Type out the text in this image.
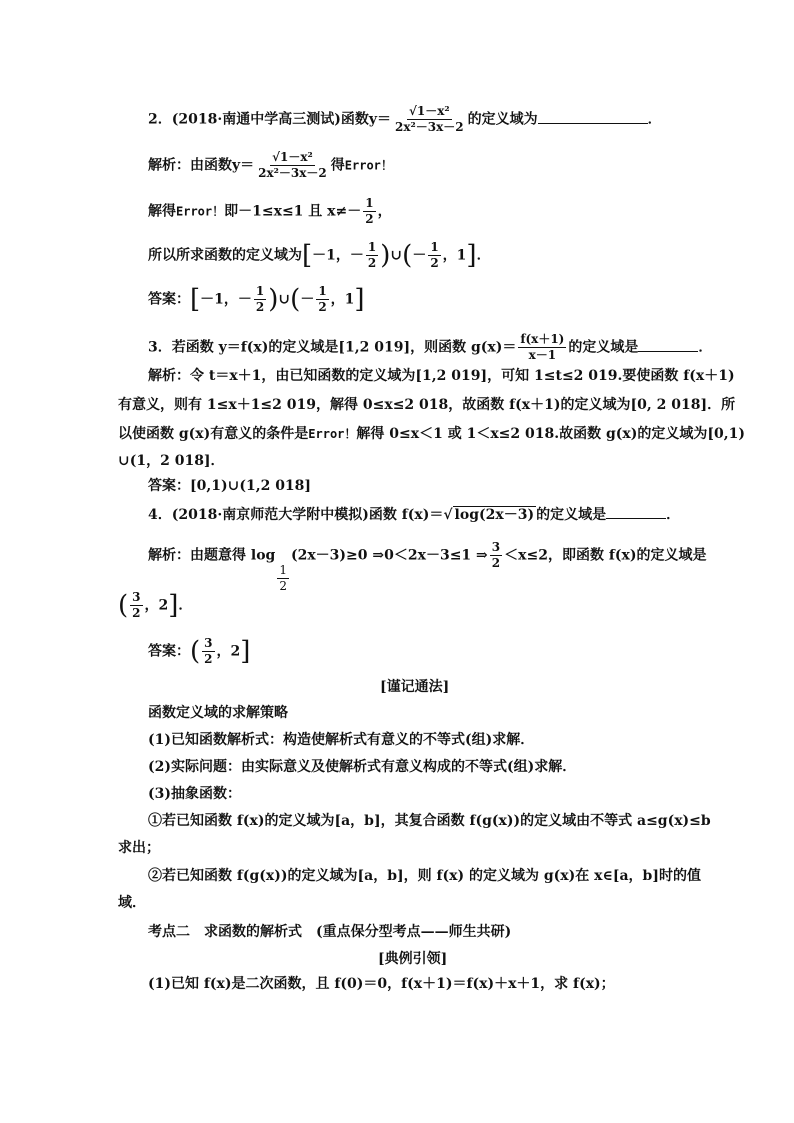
2．(2018·南通中学高三测试)函数$y= \frac{\text{√1－x²}}{\text{2x²－3x－2}}$ 的定义域为	．
解析：由函数$y= \frac{\text{√1－x²}}{\text{2x²－3x－2}}$ 得Error！
解得Error！即－1≤x≤1 且 $x\ne- \frac{1}{2}$ ，
所以所求函数的定义域为[－1，－ $\frac{1}{2}$ )∪(－ $\frac{1}{2}$ ，1]．
答案：[－1，－ $\frac{1}{2}$ )∪(－ $\frac{1}{2}$ ，1]
3．若函数 y＝f(x)的定义域是[1,2 019]，则函数 $g(x)= \frac{f(x+1)}{x-1}$ 的定义域是	．
解析：令 t＝x＋1，由已知函数的定义域为[1,2 019]，可知 1≤t≤2 019.要使函数 f(x＋1)
有意义，则有 1≤x＋1≤2 019，解得 0≤x≤2 018，故函数 f(x＋1)的定义域为[0, 2 018]．所
以使函数 g(x)有意义的条件是Error！解得 0≤x＜1 或 1＜x≤2 018.故函数 g(x)的定义域为[0,1)
∪(1，2 018]．
答案：[0,1)∪(1,2 018]
4．(2018·南京师范大学附中模拟)函数 f(x)＝√ log(2x－3) 的定义域是	．
解析：由题意得 log
$\frac{1}{2}$
(2x－3)≥0 ⇒0＜2x－3≤1 ⇒ $\frac{3}{2} <x\le 2$，即函数 f(x)的定义域是
( $\frac{3}{2}$ ，2]．
答案：( $\frac{3}{2}$ ，2]
[谨记通法]
函数定义域的求解策略
(1)已知函数解析式：构造使解析式有意义的不等式(组)求解．
(2)实际问题：由实际意义及使解析式有意义构成的不等式(组)求解．
(3)抽象函数：
①若已知函数 f(x)的定义域为[a，b]，其复合函数 f(g(x))的定义域由不等式 a≤g(x)≤b
求出；
②若已知函数 f(g(x))的定义域为[a，b]，则 f(x) 的定义域为 g(x)在 x∈[a，b]时的值
域．
考点二　求函数的解析式　(重点保分型考点——师生共研)
[典例引领]
(1)已知 f(x)是二次函数，且 f(0)＝0，f(x＋1)＝f(x)＋x＋1，求 f(x)；
